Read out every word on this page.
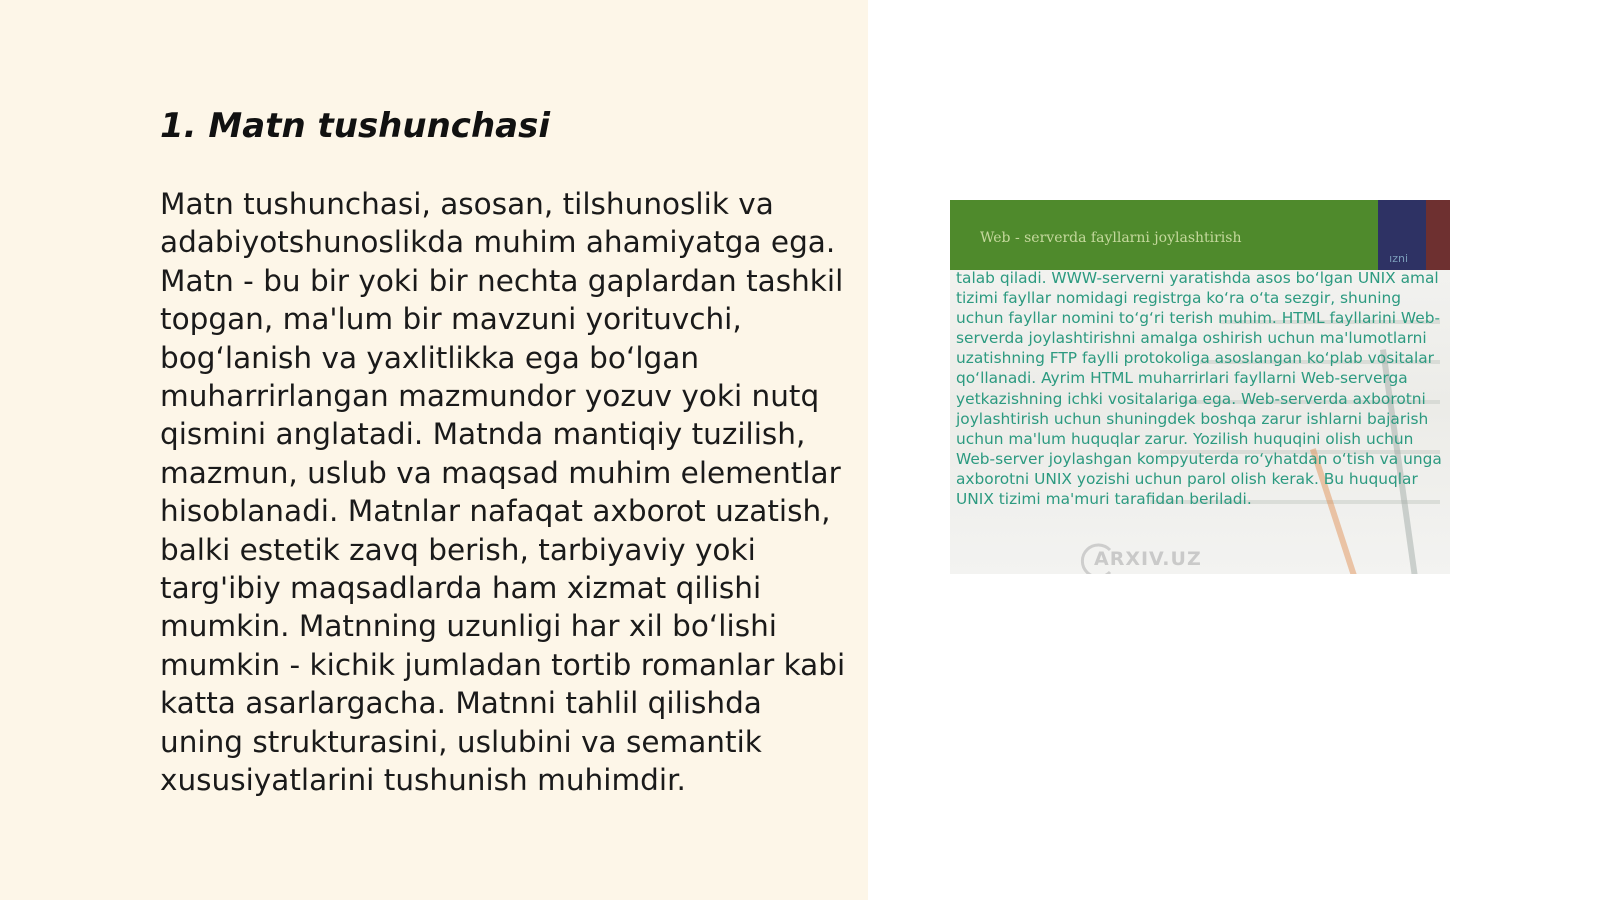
1. Matn tushunchasi

Matn tushunchasi, asosan, tilshunoslik va adabiyotshunoslikda muhim ahamiyatga ega. Matn - bu bir yoki bir nechta gaplardan tashkil topgan, ma'lum bir mavzuni yorituvchi, bog‘lanish va yaxlitlikka ega bo‘lgan muharrirlangan mazmundor yozuv yoki nutq qismini anglatadi. Matnda mantiqiy tuzilish, mazmun, uslub va maqsad muhim elementlar hisoblanadi. Matnlar nafaqat axborot uzatish, balki estetik zavq berish, tarbiyaviy yoki targ'ibiy maqsadlarda ham xizmat qilishi mumkin. Matnning uzunligi har xil bo‘lishi mumkin - kichik jumladan tortib romanlar kabi katta asarlargacha. Matnni tahlil qilishda uning strukturasini, uslubini va semantik xususiyatlarini tushunish muhimdir.

Web - serverda fayllarni joylashtirish
ızni

talab qiladi. WWW-serverni yaratishda asos bo‘lgan UNIX amal tizimi fayllar nomidagi registrga ko‘ra o‘ta sezgir, shuning uchun fayllar nomini to‘g‘ri terish muhim. HTML fayllarini Web-serverda joylashtirishni amalga oshirish uchun ma'lumotlarni uzatishning FTP faylli protokoliga asoslangan ko‘plab vositalar qo‘llanadi. Ayrim HTML muharrirlari fayllarni Web-serverga yetkazishning ichki vositalariga ega. Web-serverda axborotni joylashtirish uchun shuningdek boshqa zarur ishlarni bajarish uchun ma'lum huquqlar zarur. Yozilish huquqini olish uchun Web-server joylashgan kompyuterda ro‘yhatdan o‘tish va unga axborotni UNIX yozishi uchun parol olish kerak. Bu huquqlar UNIX tizimi ma'muri tarafidan beriladi.

ARXIV.UZ
